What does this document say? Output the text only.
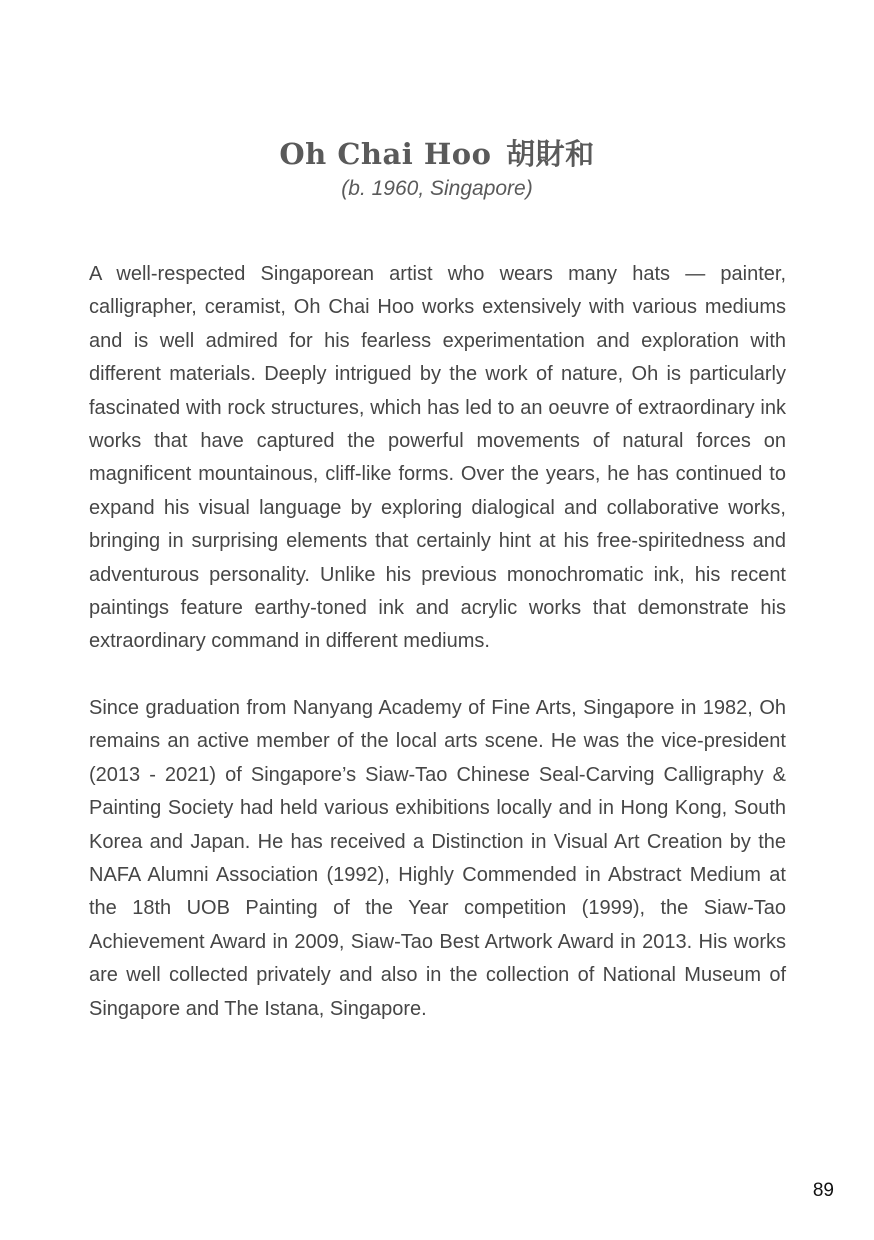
Oh Chai Hoo 胡財和

(b. 1960, Singapore)

A well-respected Singaporean artist who wears many hats — painter, calligrapher, ceramist, Oh Chai Hoo works extensively with various mediums and is well admired for his fearless experimentation and exploration with different materials. Deeply intrigued by the work of nature, Oh is particularly fascinated with rock structures, which has led to an oeuvre of extraordinary ink works that have captured the powerful movements of natural forces on magnificent mountainous, cliff-like forms. Over the years, he has continued to expand his visual language by exploring dialogical and collaborative works, bringing in surprising elements that certainly hint at his free-spiritedness and adventurous personality. Unlike his previous monochromatic ink, his recent paintings feature earthy-toned ink and acrylic works that demonstrate his extraordinary command in different mediums.

Since graduation from Nanyang Academy of Fine Arts, Singapore in 1982, Oh remains an active member of the local arts scene. He was the vice-president (2013 - 2021) of Singapore’s Siaw-Tao Chinese Seal-Carving Calligraphy & Painting Society had held various exhibitions locally and in Hong Kong, South Korea and Japan. He has received a Distinction in Visual Art Creation by the NAFA Alumni Association (1992), Highly Commended in Abstract Medium at the 18th UOB Painting of the Year competition (1999), the Siaw-Tao Achievement Award in 2009, Siaw-Tao Best Artwork Award in 2013. His works are well collected privately and also in the collection of National Museum of Singapore and The Istana, Singapore.

89
